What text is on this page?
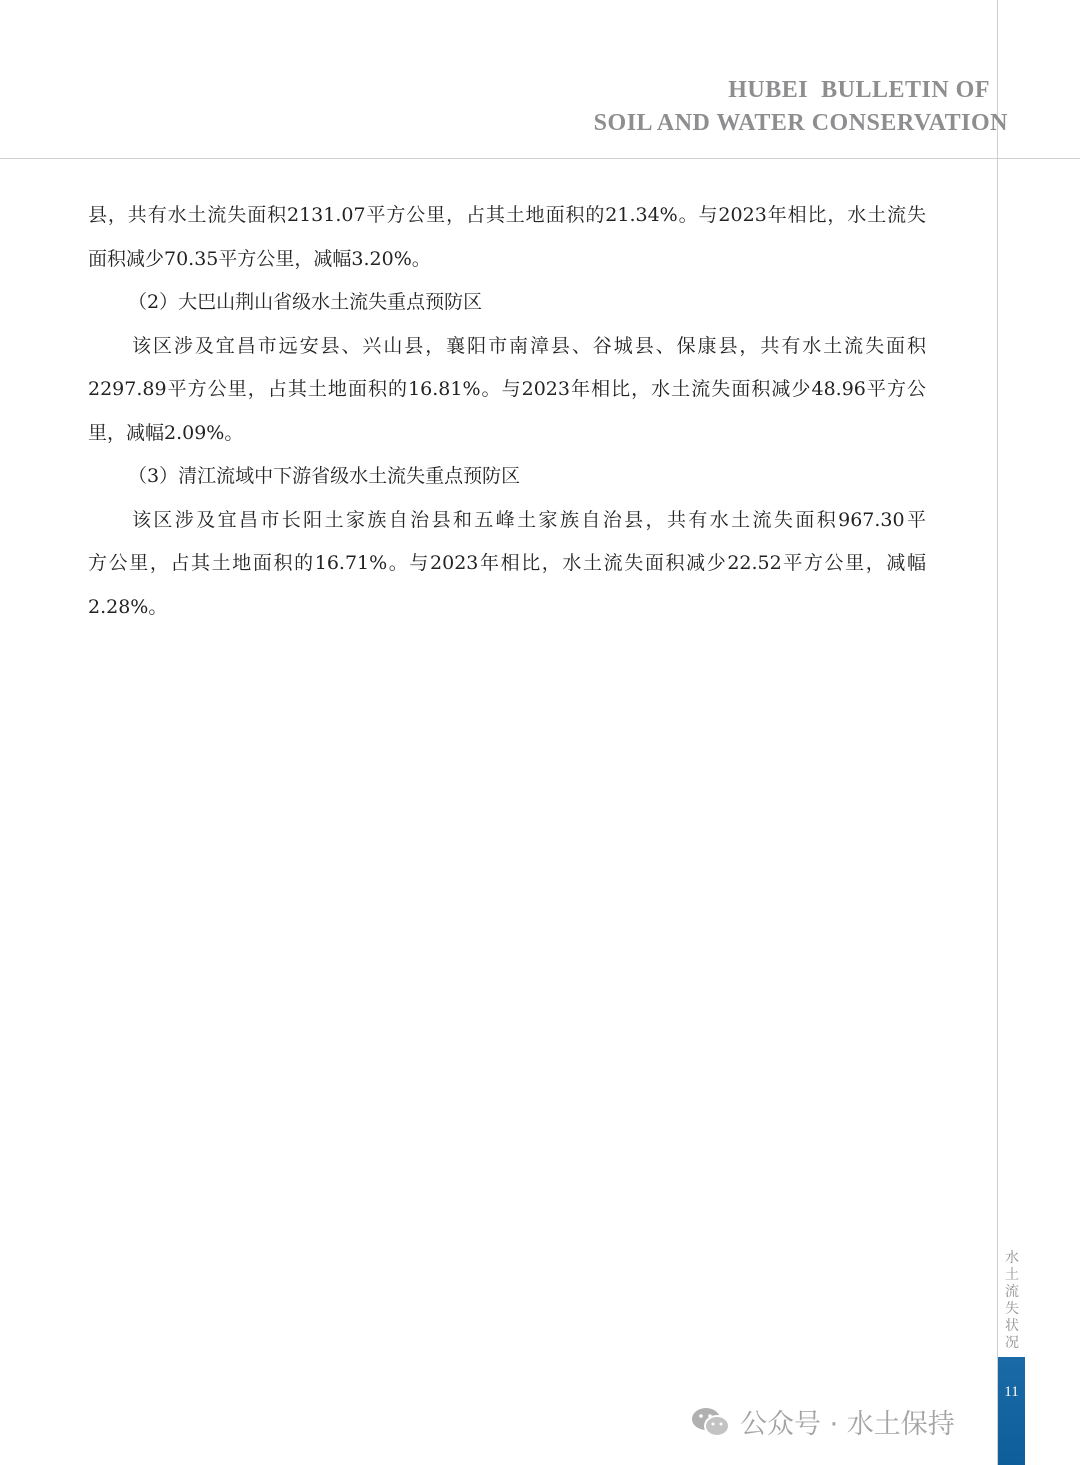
HUBEI  BULLETIN OF
SOIL AND WATER CONSERVATION
县，共有水土流失面积2131.07平方公里，占其土地面积的21.34%。与2023年相比，水土流失
面积减少70.35平方公里，减幅3.20%。
（2）大巴山荆山省级水土流失重点预防区
该区涉及宜昌市远安县、兴山县，襄阳市南漳县、谷城县、保康县，共有水土流失面积
2297.89平方公里，占其土地面积的16.81%。与2023年相比，水土流失面积减少48.96平方公
里，减幅2.09%。
（3）清江流域中下游省级水土流失重点预防区
该区涉及宜昌市长阳土家族自治县和五峰土家族自治县，共有水土流失面积967.30平
方公里，占其土地面积的16.71%。与2023年相比，水土流失面积减少22.52平方公里，减幅
2.28%。
水土流失状况
11
公众号 · 水土保持
